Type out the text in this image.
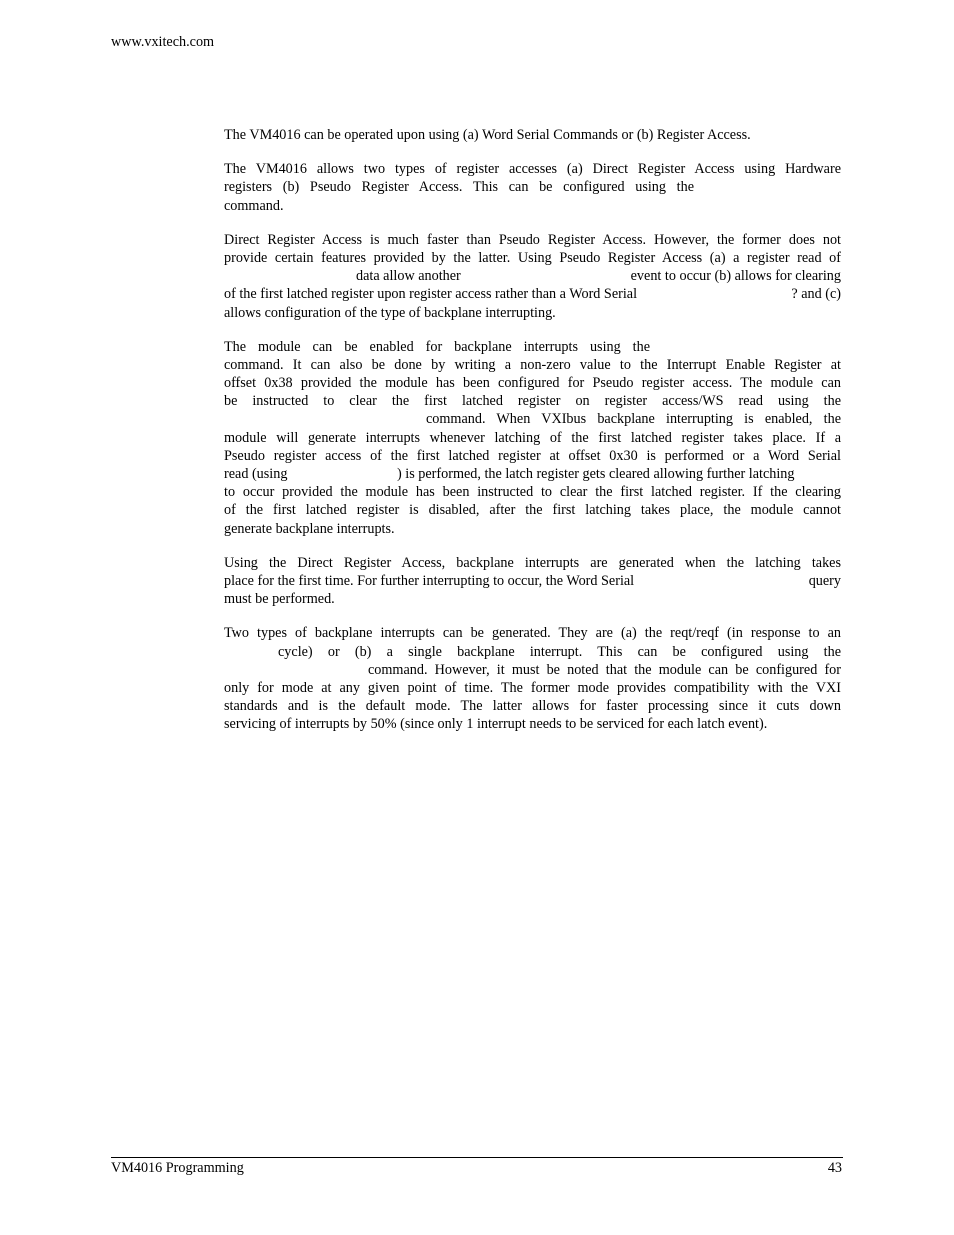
www.vxitech.com
The VM4016 can be operated upon using (a) Word Serial Commands or (b) Register Access.
The VM4016 allows two types of register accesses (a) Direct Register Access using Hardware
registers (b) Pseudo Register Access. This can be configured using the
command.
Direct Register Access is much faster than Pseudo Register Access. However, the former does not
provide certain features provided by the latter. Using Pseudo Register Access (a) a register read of
data allow another	event to occur (b) allows for clearing
of the first latched register upon register access rather than a Word Serial	? and (c)
allows configuration of the type of backplane interrupting.
The module can be enabled for backplane interrupts using the
command. It can also be done by writing a non-zero value to the Interrupt Enable Register at
offset 0x38 provided the module has been configured for Pseudo register access. The module can
be instructed to clear the first latched register on register access/WS read using the
command. When VXIbus backplane interrupting is enabled, the
module will generate interrupts whenever latching of the first latched register takes place. If a
Pseudo register access of the first latched register at offset 0x30 is performed or a Word Serial
read (using	) is performed, the latch register gets cleared allowing further latching
to occur provided the module has been instructed to clear the first latched register. If the clearing
of the first latched register is disabled, after the first latching takes place, the module cannot
generate backplane interrupts.
Using the Direct Register Access, backplane interrupts are generated when the latching takes
place for the first time. For further interrupting to occur, the Word Serial	query
must be performed.
Two types of backplane interrupts can be generated. They are (a) the reqt/reqf (in response to an
cycle) or (b) a single backplane interrupt. This can be configured using the
command. However, it must be noted that the module can be configured for
only for mode at any given point of time. The former mode provides compatibility with the VXI
standards and is the default mode. The latter allows for faster processing since it cuts down
servicing of interrupts by 50% (since only 1 interrupt needs to be serviced for each latch event).
VM4016 Programming	43
